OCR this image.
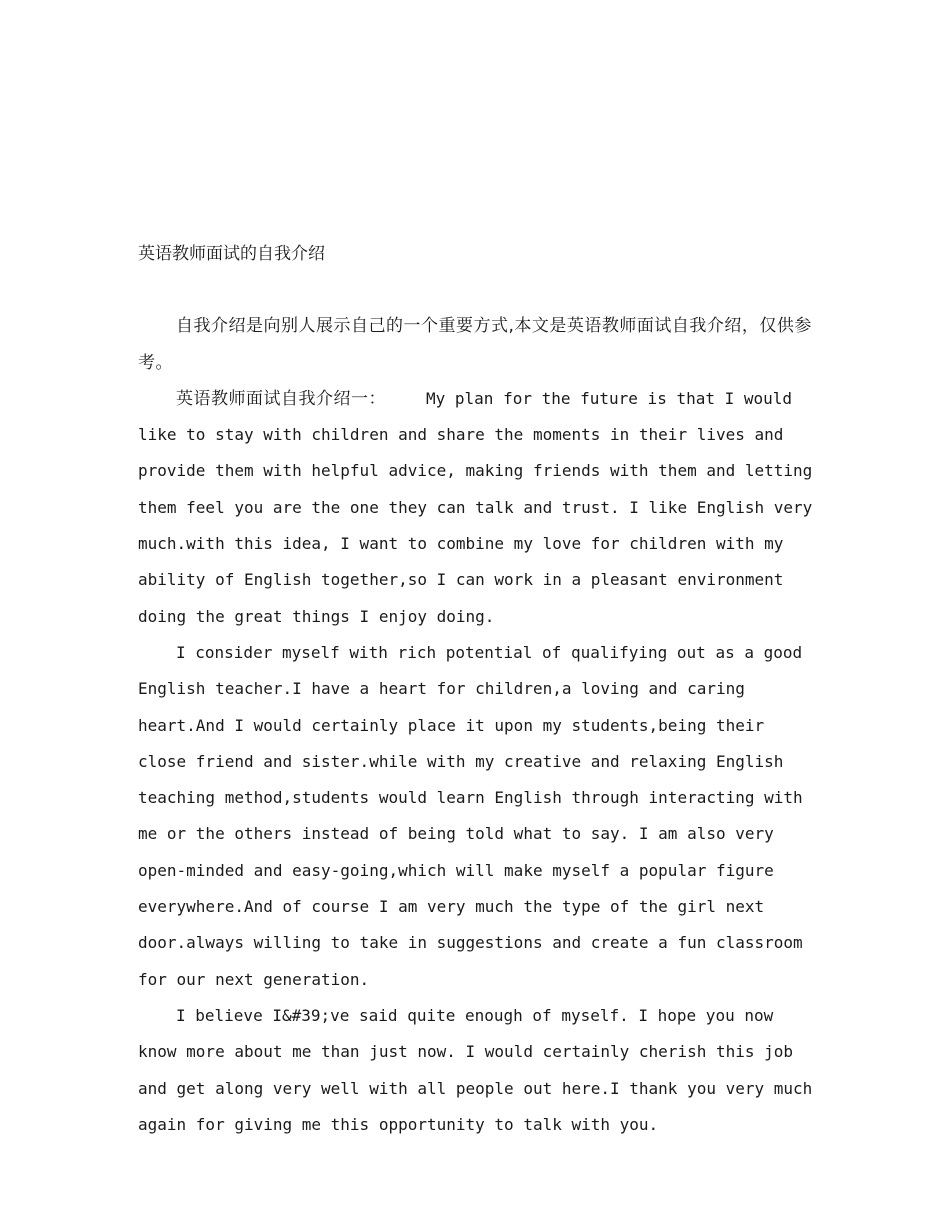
英语教师面试的自我介绍

自我介绍是向别人展示自己的一个重要方式,本文是英语教师面试自我介绍，仅供参考。

英语教师面试自我介绍一：	My plan for the future is that I would like to stay with children and share the moments in their lives and provide them with helpful advice, making friends with them and letting them feel you are the one they can talk and trust. I like English very much.with this idea, I want to combine my love for children with my ability of English together,so I can work in a pleasant environment doing the great things I enjoy doing.

I consider myself with rich potential of qualifying out as a good English teacher.I have a heart for children,a loving and caring heart.And I would certainly place it upon my students,being their close friend and sister.while with my creative and relaxing English teaching method,students would learn English through interacting with me or the others instead of being told what to say. I am also very open-minded and easy-going,which will make myself a popular figure everywhere.And of course I am very much the type of the girl next door.always willing to take in suggestions and create a fun classroom for our next generation.

I believe I&#39;ve said quite enough of myself. I hope you now know more about me than just now. I would certainly cherish this job and get along very well with all people out here.I thank you very much again for giving me this opportunity to talk with you.
